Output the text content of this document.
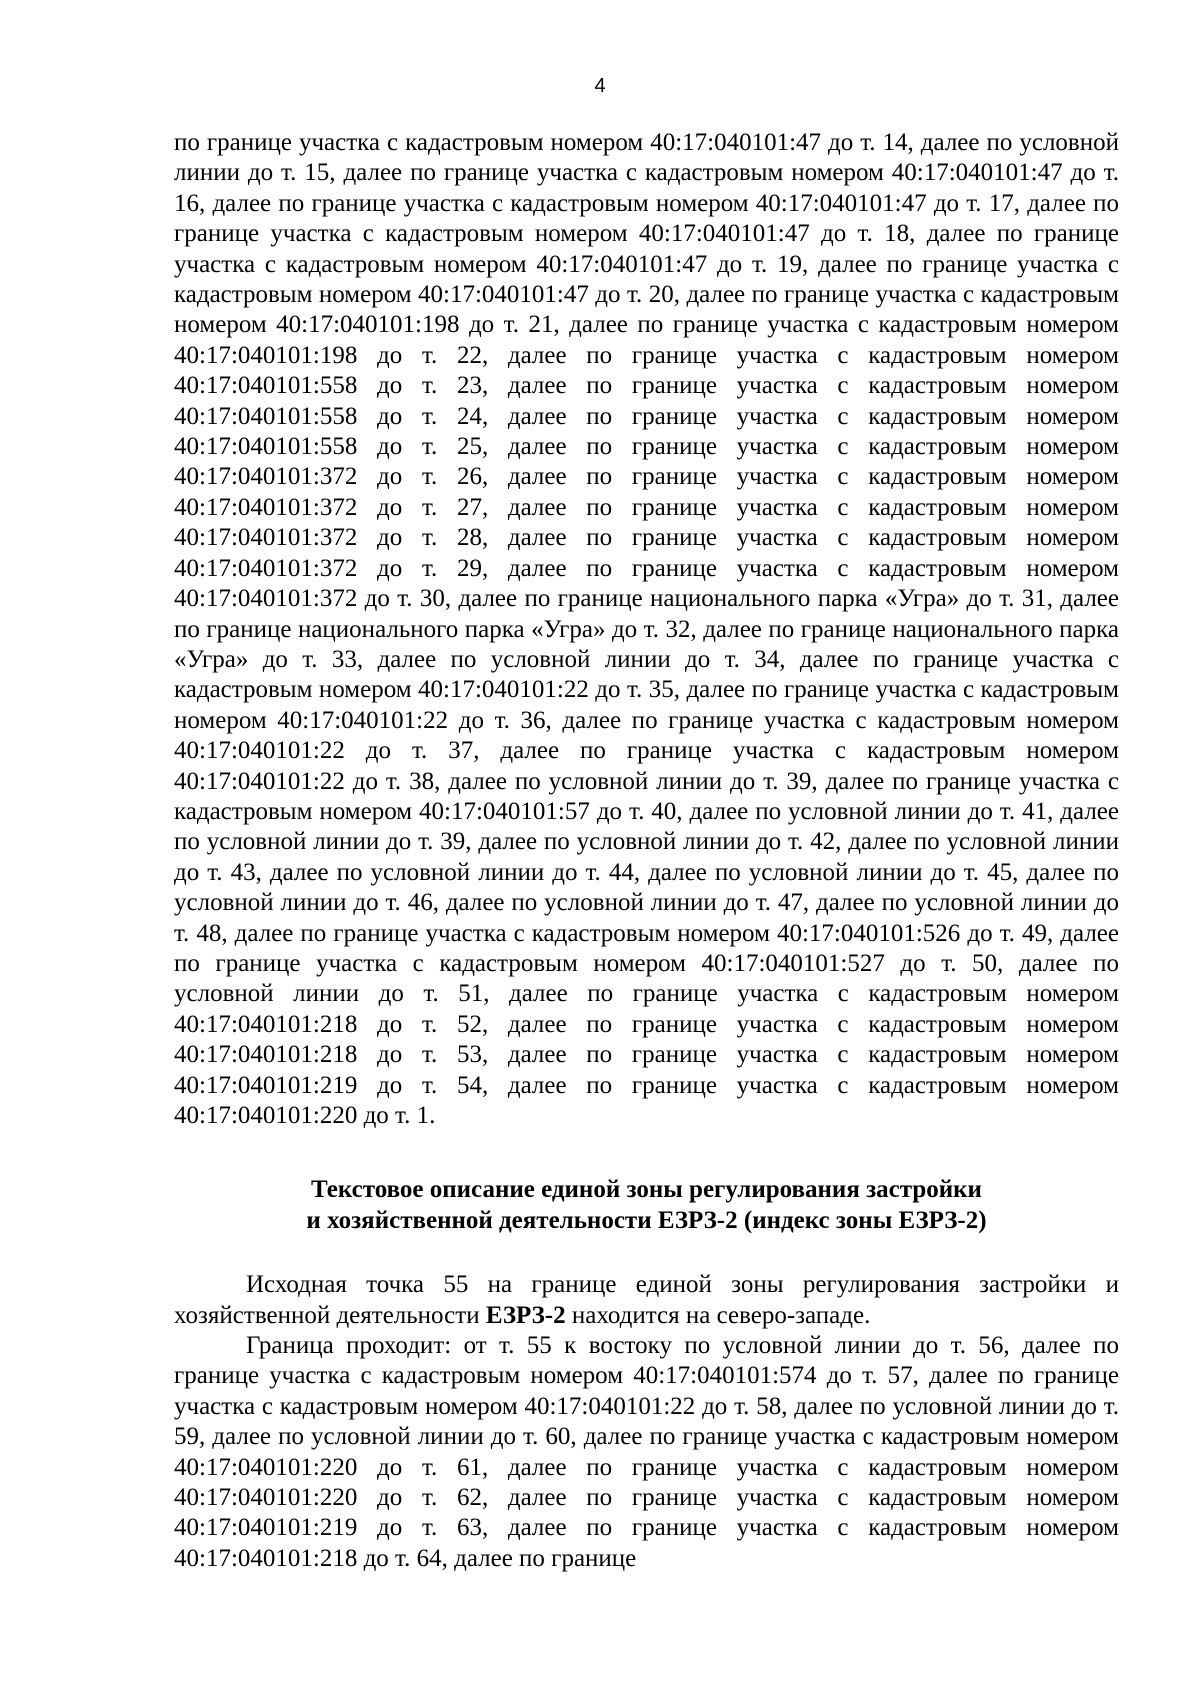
4

по границе участка с кадастровым номером 40:17:040101:47 до т. 14, далее по условной линии до т. 15, далее по границе участка с кадастровым номером 40:17:040101:47 до т. 16, далее по границе участка с кадастровым номером 40:17:040101:47 до т. 17, далее по границе участка с кадастровым номером 40:17:040101:47 до т. 18, далее по границе участка с кадастровым номером 40:17:040101:47 до т. 19, далее по границе участка с кадастровым номером 40:17:040101:47 до т. 20, далее по границе участка с кадастровым номером 40:17:040101:198 до т. 21, далее по границе участка с кадастровым номером 40:17:040101:198 до т. 22, далее по границе участка с кадастровым номером 40:17:040101:558 до т. 23, далее по границе участка с кадастровым номером 40:17:040101:558 до т. 24, далее по границе участка с кадастровым номером 40:17:040101:558 до т. 25, далее по границе участка с кадастровым номером 40:17:040101:372 до т. 26, далее по границе участка с кадастровым номером 40:17:040101:372 до т. 27, далее по границе участка с кадастровым номером 40:17:040101:372 до т. 28, далее по границе участка с кадастровым номером 40:17:040101:372 до т. 29, далее по границе участка с кадастровым номером 40:17:040101:372 до т. 30, далее по границе национального парка «Угра» до т. 31, далее по границе национального парка «Угра» до т. 32, далее по границе национального парка «Угра» до т. 33, далее по условной линии до т. 34, далее по границе участка с кадастровым номером 40:17:040101:22 до т. 35, далее по границе участка с кадастровым номером 40:17:040101:22 до т. 36, далее по границе участка с кадастровым номером 40:17:040101:22 до т. 37, далее по границе участка с кадастровым номером 40:17:040101:22 до т. 38, далее по условной линии до т. 39, далее по границе участка с кадастровым номером 40:17:040101:57 до т. 40, далее по условной линии до т. 41, далее по условной линии до т. 39, далее по условной линии до т. 42, далее по условной линии до т. 43, далее по условной линии до т. 44, далее по условной линии до т. 45, далее по условной линии до т. 46, далее по условной линии до т. 47, далее по условной линии до т. 48, далее по границе участка с кадастровым номером 40:17:040101:526 до т. 49, далее по границе участка с кадастровым номером 40:17:040101:527 до т. 50, далее по условной линии до т. 51, далее по границе участка с кадастровым номером 40:17:040101:218 до т. 52, далее по границе участка с кадастровым номером 40:17:040101:218 до т. 53, далее по границе участка с кадастровым номером 40:17:040101:219 до т. 54, далее по границе участка с кадастровым номером 40:17:040101:220 до т. 1.

Текстовое описание единой зоны регулирования застройки
и хозяйственной деятельности ЕЗРЗ-2 (индекс зоны ЕЗРЗ-2)

Исходная точка 55 на границе единой зоны регулирования застройки и хозяйственной деятельности ЕЗРЗ-2 находится на северо-западе.

Граница проходит: от т. 55 к востоку по условной линии до т. 56, далее по границе участка с кадастровым номером 40:17:040101:574 до т. 57, далее по границе участка с кадастровым номером 40:17:040101:22 до т. 58, далее по условной линии до т. 59, далее по условной линии до т. 60, далее по границе участка с кадастровым номером 40:17:040101:220 до т. 61, далее по границе участка с кадастровым номером 40:17:040101:220 до т. 62, далее по границе участка с кадастровым номером 40:17:040101:219 до т. 63, далее по границе участка с кадастровым номером 40:17:040101:218 до т. 64, далее по границе
